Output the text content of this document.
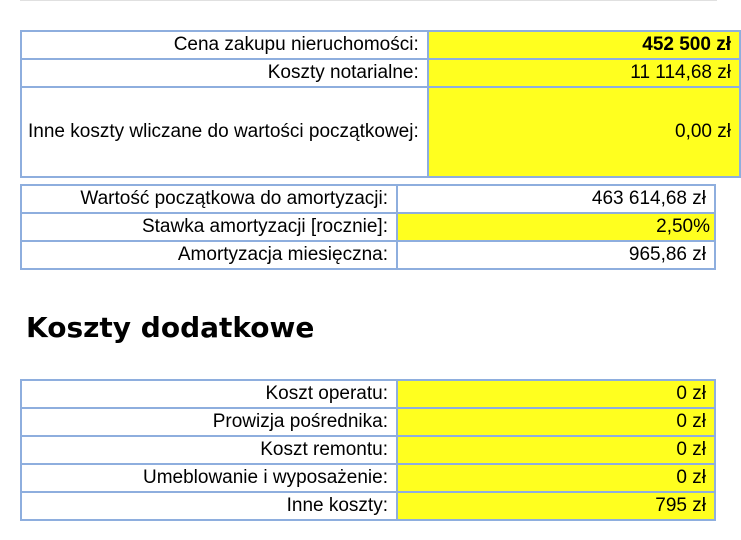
Cena zakupu nieruchomości:	452 500 zł
Koszty notarialne:	11 114,68 zł
Inne koszty wliczane do wartości początkowej:	0,00 zł
Wartość początkowa do amortyzacji:	463 614,68 zł
Stawka amortyzacji [rocznie]:	2,50%
Amortyzacja miesięczna:	965,86 zł
Koszty dodatkowe
Koszt operatu:	0 zł
Prowizja pośrednika:	0 zł
Koszt remontu:	0 zł
Umeblowanie i wyposażenie:	0 zł
Inne koszty:	795 zł
